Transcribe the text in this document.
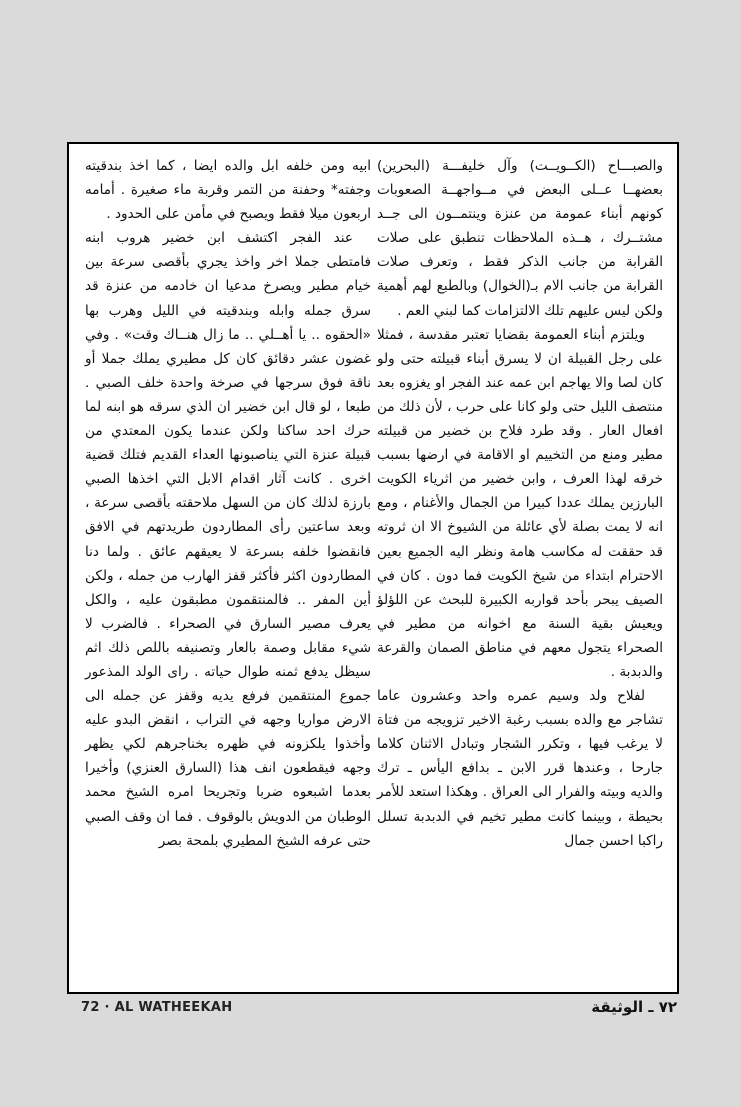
والصبـــاح (الكــويــت) وآل خليفـــة (البحرين) بعضهــا عــلى البعض في مــواجهــة الصعوبات كونهم أبناء عمومة من عنزة وينتمــون الى جــد مشتــرك ، هــذه الملاحظات تنطبق على صلات القرابة من جانب الذكر فقط ، وتعرف صلات القرابة من جانب الام بـ(الخوال) وبالطبع لهم أهمية ولكن ليس عليهم تلك الالتزامات كما لبني العم .

ويلتزم أبناء العمومة بقضايا تعتبر مقدسة ، فمثلا على رجل القبيلة ان لا يسرق أبناء قبيلته حتى ولو كان لصا والا يهاجم ابن عمه عند الفجر او يغزوه بعد منتصف الليل حتى ولو كانا على حرب ، لأن ذلك من افعال العار . وقد طرد فلاح بن خضير من قبيلته مطير ومنع من التخييم او الاقامة في ارضها بسبب خرقه لهذا العرف ، وابن خضير من اثرياء الكويت البارزين يملك عددا كبيرا من الجمال والأغنام ، ومع انه لا يمت بصلة لأي عائلة من الشيوخ الا ان ثروته قد حققت له مكاسب هامة ونظر اليه الجميع بعين الاحترام ابتداء من شيخ الكويت فما دون . كان في الصيف يبحر بأحد قواربه الكبيرة للبحث عن اللؤلؤ ويعيش بقية السنة مع اخوانه من مطير في الصحراء يتجول معهم في مناطق الصمان والقرعة والدبدبة .

لفلاح ولد وسيم عمره واحد وعشرون عاما تشاجر مع والده بسبب رغبة الاخير تزويجه من فتاة لا يرغب فيها ، وتكرر الشجار وتبادل الاثنان كلاما جارحا ، وعندها قرر الابن ـ بدافع اليأس ـ ترك والديه وبيته والفرار الى العراق . وهكذا استعد للأمر بحيطة ، وبينما كانت مطير تخيم في الدبدبة تسلل راكبا احسن جمال

ابيه ومن خلفه ابل والده ايضا ، كما اخذ بندقيته وجفته* وحفنة من التمر وقربة ماء صغيرة . أمامه اربعون ميلا فقط ويصبح في مأمن على الحدود .

عند الفجر اكتشف ابن خضير هروب ابنه فامتطى جملا اخر واخذ يجري بأقصى سرعة بين خيام مطير ويصرخ مدعيا ان خادمه من عنزة قد سرق جمله وابله وبندقيته في الليل وهرب بها «الحقوه .. يا أهــلي .. ما زال هنــاك وقت» . وفي غضون عشر دقائق كان كل مطيري يملك جملا أو ناقة فوق سرجها في صرخة واحدة خلف الصبي . طبعا ، لو قال ابن خضير ان الذي سرقه هو ابنه لما حرك احد ساكنا ولكن عندما يكون المعتدي من قبيلة عنزة التي يناصبونها العداء القديم فتلك قضية اخرى . كانت آثار اقدام الابل التي اخذها الصبي بارزة لذلك كان من السهل ملاحقته بأقصى سرعة ، وبعد ساعتين رأى المطاردون طريدتهم في الافق فانقضوا خلفه بسرعة لا يعيقهم عائق . ولما دنا المطاردون اكثر فأكثر قفز الهارب من جمله ، ولكن أين المفر .. فالمنتقمون مطبقون عليه ، والكل يعرف مصير السارق في الصحراء . فالضرب لا شيء مقابل وصمة بالعار وتصنيفه باللص ذلك اثم سيظل يدفع ثمنه طوال حياته . راى الولد المذعور جموع المنتقمين فرفع يديه وقفز عن جمله الى الارض مواريا وجهه في التراب ، انقض البدو عليه وأخذوا يلكزونه في ظهره بخناجرهم لكي يظهر وجهه فيقطعون انف هذا (السارق العنزي) وأخيرا بعدما اشبعوه ضربا وتجريحا امره الشيخ محمد الوطبان من الدويش بالوقوف . فما ان وقف الصبي حتى عرفه الشيخ المطيري بلمحة بصر

72 · AL WATHEEKAH	٧٢ ـ الوثيقة
